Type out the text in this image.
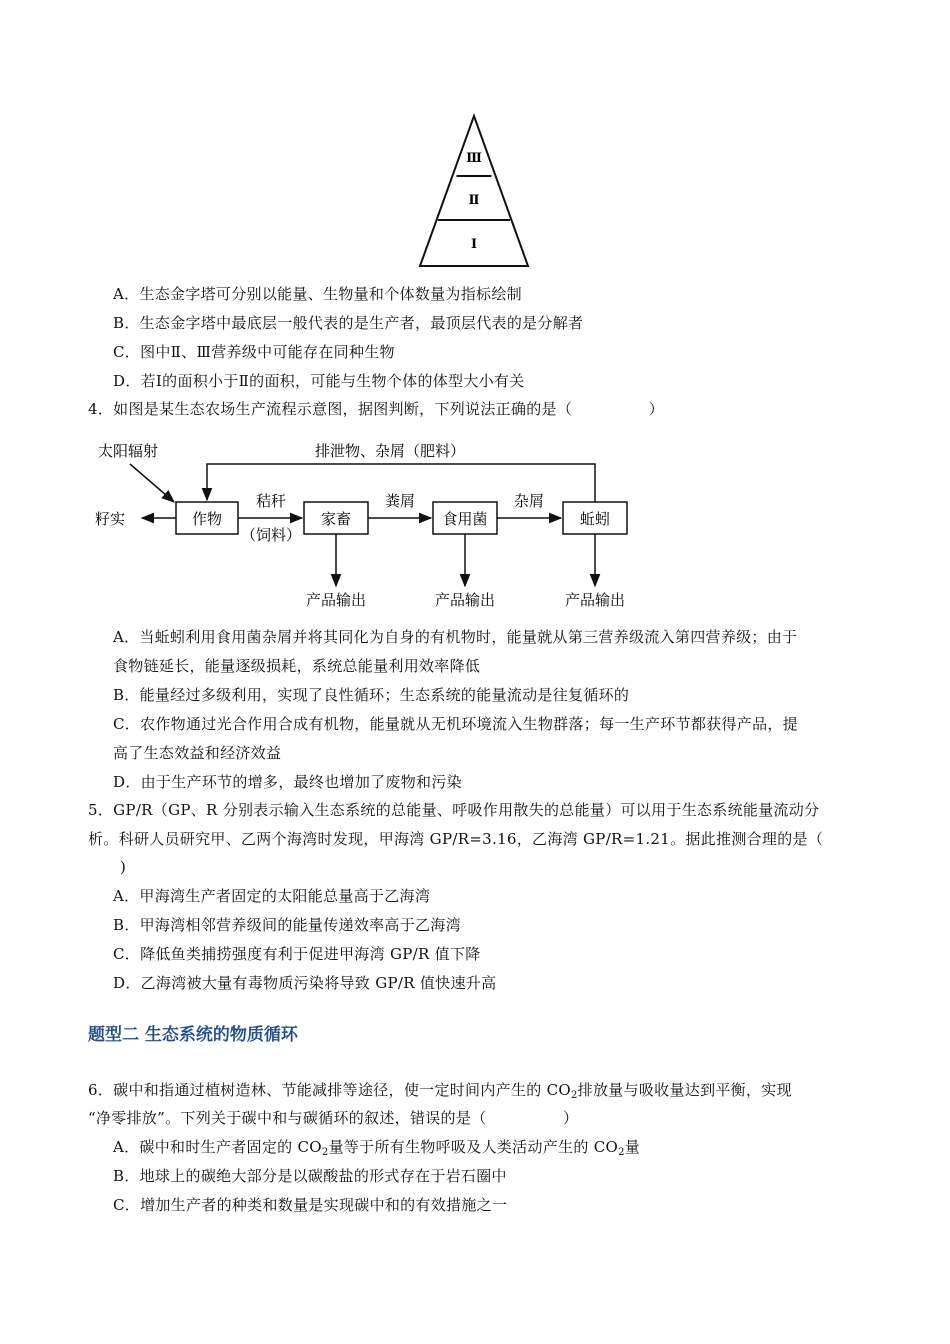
Ⅲ
Ⅱ
Ⅰ
A．生态金字塔可分别以能量、生物量和个体数量为指标绘制
B．生态金字塔中最底层一般代表的是生产者，最顶层代表的是分解者
C．图中Ⅱ、Ⅲ营养级中可能存在同种生物
D．若Ⅰ的面积小于Ⅱ的面积，可能与生物个体的体型大小有关
4．如图是某生态农场生产流程示意图，据图判断，下列说法正确的是（　　　　　）
作物	家畜	食用菌	蚯蚓
太阳辐射
籽实
排泄物、杂屑（肥料）
秸秆
（饲料）
粪屑	杂屑
产品输出	产品输出	产品输出
A．当蚯蚓利用食用菌杂屑并将其同化为自身的有机物时，能量就从第三营养级流入第四营养级；由于
食物链延长，能量逐级损耗，系统总能量利用效率降低
B．能量经过多级利用，实现了良性循环；生态系统的能量流动是往复循环的
C．农作物通过光合作用合成有机物，能量就从无机环境流入生物群落；每一生产环节都获得产品，提
高了生态效益和经济效益
D．由于生产环节的增多，最终也增加了废物和污染
5．GP/R（GP、R 分别表示输入生态系统的总能量、呼吸作用散失的总能量）可以用于生态系统能量流动分
析。科研人员研究甲、乙两个海湾时发现，甲海湾 GP/R=3.16，乙海湾 GP/R=1.21。据此推测合理的是（
)
A．甲海湾生产者固定的太阳能总量高于乙海湾
B．甲海湾相邻营养级间的能量传递效率高于乙海湾
C．降低鱼类捕捞强度有利于促进甲海湾 GP/R 值下降
D．乙海湾被大量有毒物质污染将导致 GP/R 值快速升高
题型二 生态系统的物质循环
6．碳中和指通过植树造林、节能减排等途径，使一定时间内产生的 $CO_2$排放量与吸收量达到平衡，实现
“净零排放”。下列关于碳中和与碳循环的叙述，错误的是（　　　　　）
A．碳中和时生产者固定的 $CO_2$量等于所有生物呼吸及人类活动产生的 $CO_2$量
B．地球上的碳绝大部分是以碳酸盐的形式存在于岩石圈中
C．增加生产者的种类和数量是实现碳中和的有效措施之一
